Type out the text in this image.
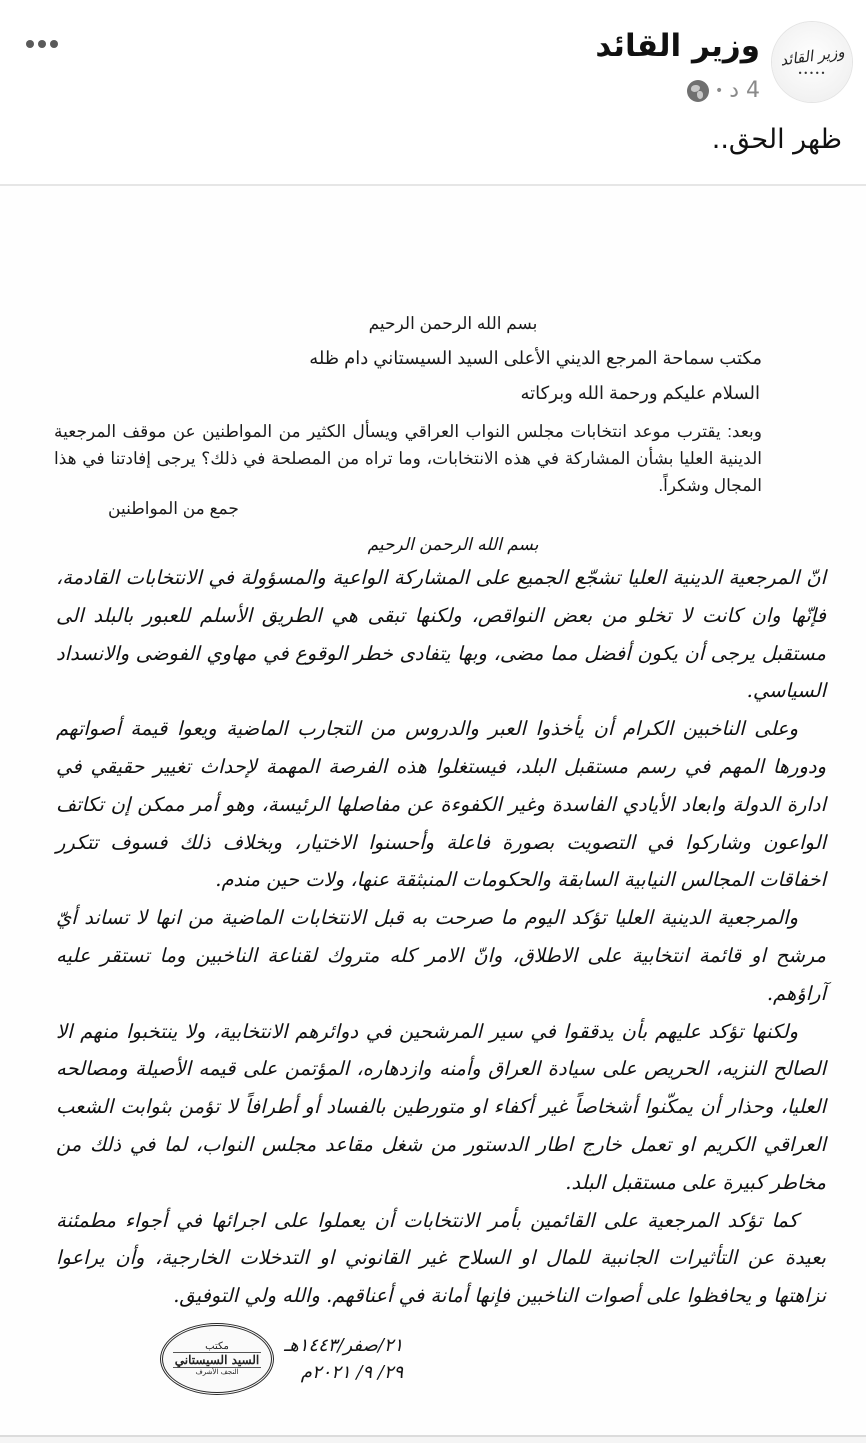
وزير القائد
•••••
وزير القائد
4 د
•
ظهر الحق..
بسم الله الرحمن الرحيم
مكتب سماحة المرجع الديني الأعلى السيد السيستاني دام ظله
السلام عليكم ورحمة الله وبركاته
وبعد: يقترب موعد انتخابات مجلس النواب العراقي ويسأل الكثير من المواطنين عن موقف المرجعية الدينية العليا بشأن المشاركة في هذه الانتخابات، وما تراه من المصلحة في ذلك؟ يرجى إفادتنا في هذا المجال وشكراً.
جمع من المواطنين
بسم الله الرحمن الرحيم

انّ المرجعية الدينية العليا تشجّع الجميع على المشاركة الواعية والمسؤولة في الانتخابات القادمة، فإنّها وان كانت لا تخلو من بعض النواقص، ولكنها تبقى هي الطريق الأسلم للعبور بالبلد الى مستقبل يرجى أن يكون أفضل مما مضى، وبها يتفادى خطر الوقوع في مهاوي الفوضى والانسداد السياسي.

وعلى الناخبين الكرام أن يأخذوا العبر والدروس من التجارب الماضية ويعوا قيمة أصواتهم ودورها المهم في رسم مستقبل البلد، فيستغلوا هذه الفرصة المهمة لإحداث تغيير حقيقي في ادارة الدولة وابعاد الأيادي الفاسدة وغير الكفوءة عن مفاصلها الرئيسة، وهو أمر ممكن إن تكاتف الواعون وشاركوا في التصويت بصورة فاعلة وأحسنوا الاختيار، وبخلاف ذلك فسوف تتكرر اخفاقات المجالس النيابية السابقة والحكومات المنبثقة عنها، ولات حين مندم.

والمرجعية الدينية العليا تؤكد اليوم ما صرحت به قبل الانتخابات الماضية من انها لا تساند أيّ مرشح او قائمة انتخابية على الاطلاق، وانّ الامر كله متروك لقناعة الناخبين وما تستقر عليه آراؤهم.

ولكنها تؤكد عليهم بأن يدققوا في سير المرشحين في دوائرهم الانتخابية، ولا ينتخبوا منهم الا الصالح النزيه، الحريص على سيادة العراق وأمنه وازدهاره، المؤتمن على قيمه الأصيلة ومصالحه العليا، وحذار أن يمكّنوا أشخاصاً غير أكفاء او متورطين بالفساد أو أطرافاً لا تؤمن بثوابت الشعب العراقي الكريم او تعمل خارج اطار الدستور من شغل مقاعد مجلس النواب، لما في ذلك من مخاطر كبيرة على مستقبل البلد.

كما تؤكد المرجعية على القائمين بأمر الانتخابات أن يعملوا على اجرائها في أجواء مطمئنة بعيدة عن التأثيرات الجانبية للمال او السلاح غير القانوني او التدخلات الخارجية، وأن يراعوا نزاهتها و يحافظوا على أصوات الناخبين فإنها أمانة في أعناقهم. والله ولي التوفيق.

مكتب
السيد السيستاني
النجف الأشرف
٢١/صفر/١٤٤٣هـ
٢٩/ ٩/ ٢٠٢١م
